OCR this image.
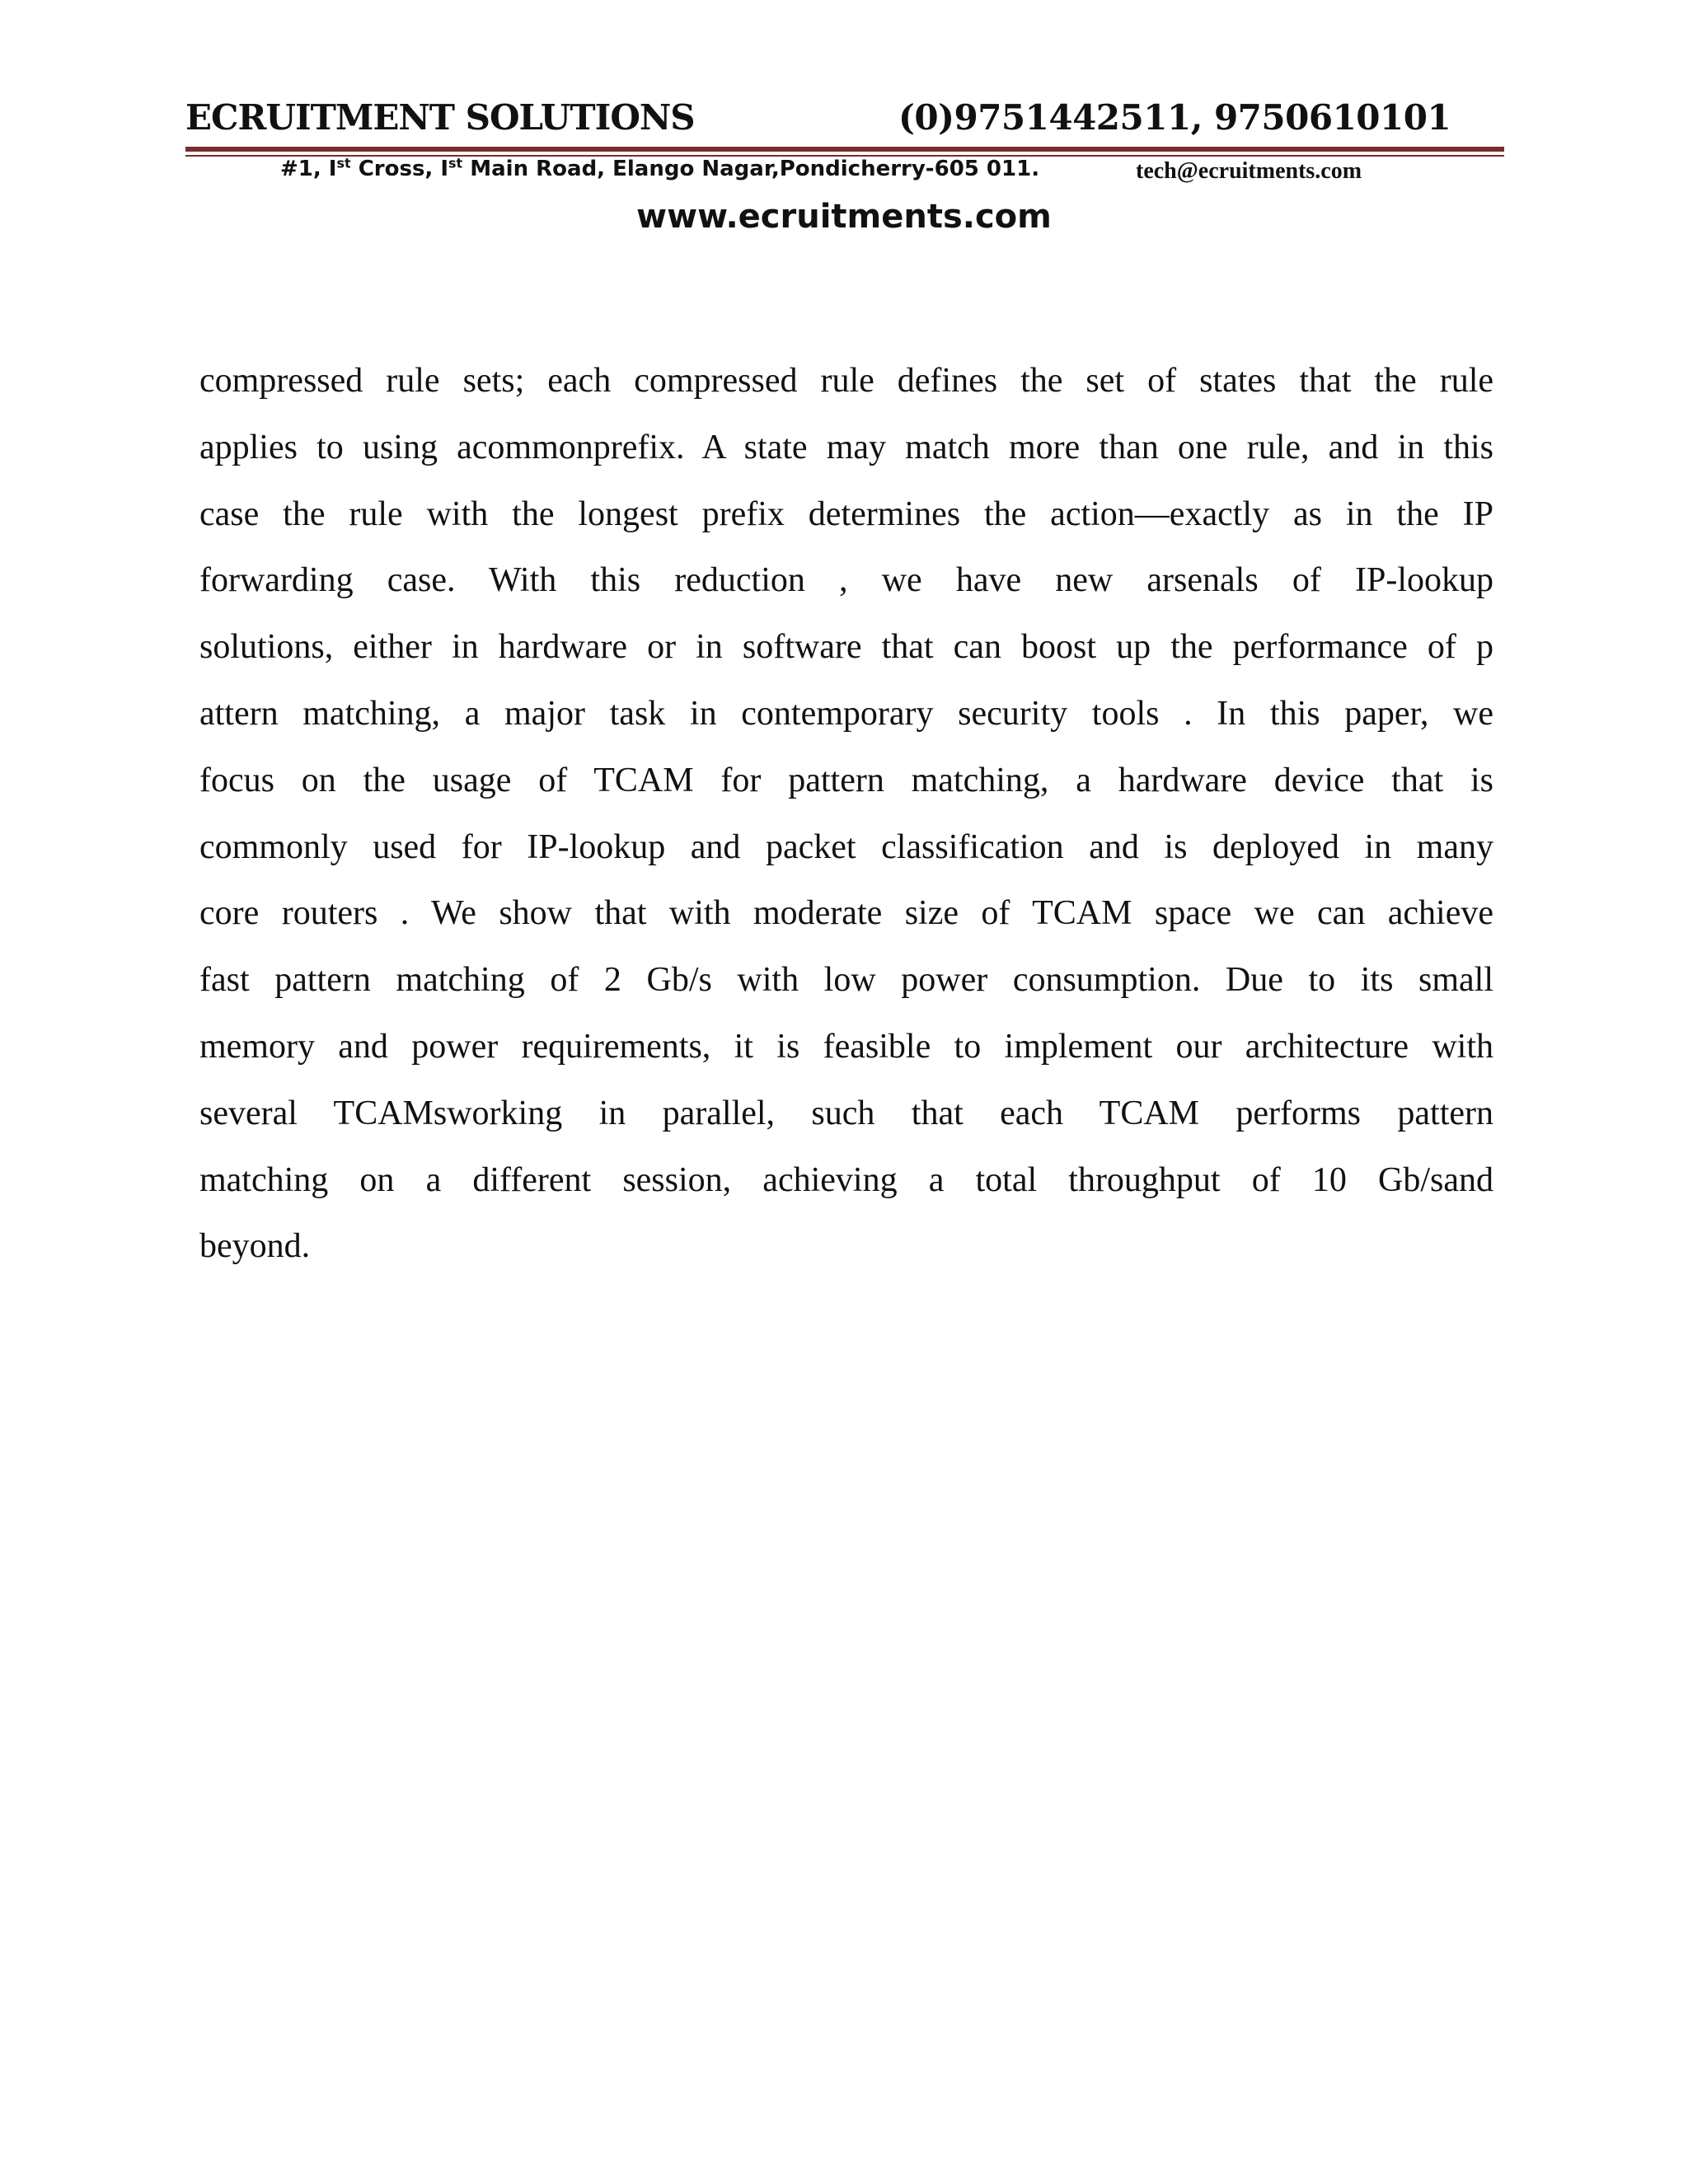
ECRUITMENT SOLUTIONS	(0)9751442511, 9750610101
#1, Ist Cross, Ist Main Road, Elango Nagar,Pondicherry-605 011.	tech@ecruitments.com
www.ecruitments.com
compressed rule sets; each compressed rule defines the set of states that the rule
applies to using acommonprefix. A state may match more than one rule, and in this
case the rule with the longest prefix determines the action—exactly as in the IP
forwarding case. With this reduction , we have new arsenals of IP-lookup
solutions, either in hardware or in software that can boost up the performance of p
attern matching, a major task in contemporary security tools . In this paper, we
focus on the usage of TCAM for pattern matching, a hardware device that is
commonly used for IP-lookup and packet classification and is deployed in many
core routers . We show that with moderate size of TCAM space we can achieve
fast pattern matching of 2 Gb/s with low power consumption. Due to its small
memory and power requirements, it is feasible to implement our architecture with
several TCAMsworking in parallel, such that each TCAM performs pattern
matching on a different session, achieving a total throughput of 10 Gb/sand
beyond.
